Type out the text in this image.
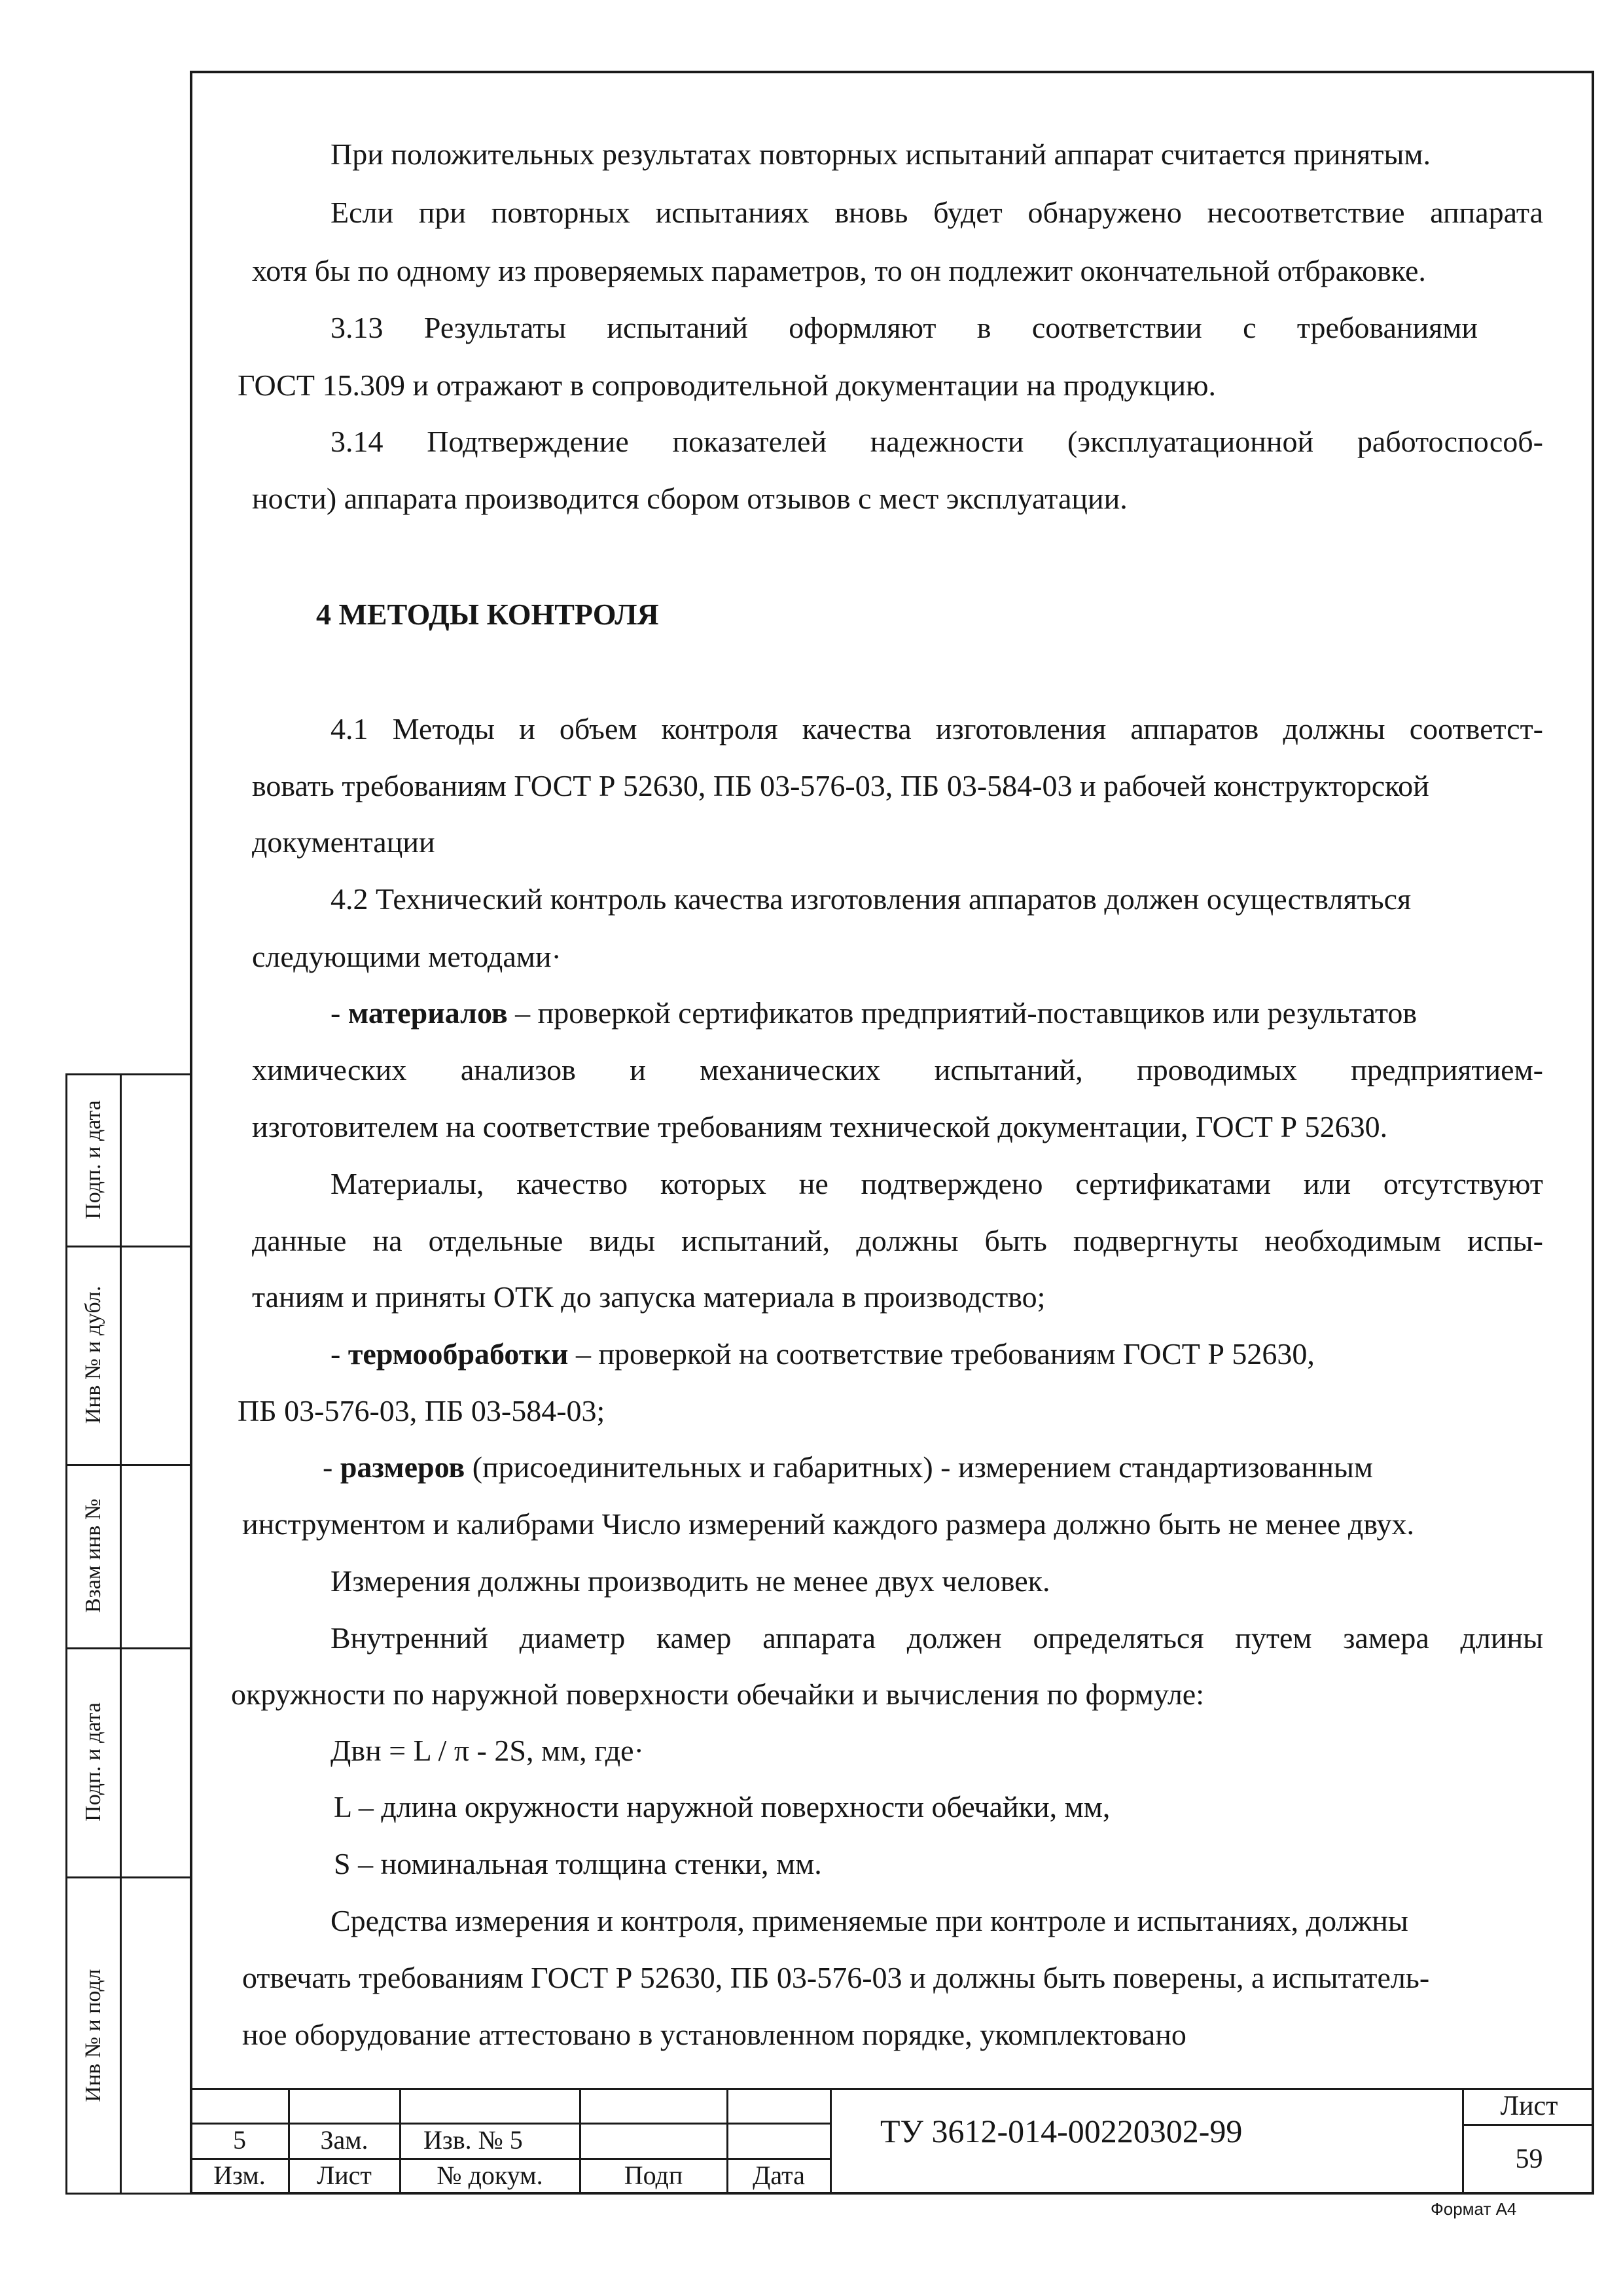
При положительных результатах повторных испытаний аппарат считается принятым.
Если при повторных испытаниях вновь будет обнаружено несоответствие аппарата
хотя бы по одному из проверяемых параметров, то он подлежит окончательной отбраковке.
3.13 Результаты испытаний оформляют в соответствии с требованиями
ГОСТ 15.309 и отражают в сопроводительной документации на продукцию.
3.14 Подтверждение показателей надежности (эксплуатационной работоспособ-
ности) аппарата производится сбором отзывов с мест эксплуатации.
4 МЕТОДЫ КОНТРОЛЯ
4.1 Методы и объем контроля качества изготовления аппаратов должны соответст-
вовать требованиям ГОСТ Р 52630, ПБ 03-576-03, ПБ 03-584-03 и рабочей конструкторской
документации
4.2 Технический контроль качества изготовления аппаратов должен осуществляться
следующими методами·
- материалов – проверкой сертификатов предприятий-поставщиков или результатов
химических анализов и механических испытаний, проводимых предприятием-
изготовителем на соответствие требованиям технической документации, ГОСТ Р 52630.
Материалы, качество которых не подтверждено сертификатами или отсутствуют
данные на отдельные виды испытаний, должны быть подвергнуты необходимым испы-
таниям и приняты ОТК до запуска материала в производство;
- термообработки – проверкой на соответствие требованиям ГОСТ Р 52630,
ПБ 03-576-03, ПБ 03-584-03;
- размеров (присоединительных и габаритных) - измерением стандартизованным
инструментом и калибрами Число измерений каждого размера должно быть не менее двух.
Измерения должны производить не менее двух человек.
Внутренний диаметр камер аппарата должен определяться путем замера длины
окружности по наружной поверхности обечайки и вычисления по формуле:
Двн = L / π - 2S, мм, где·
L – длина окружности наружной поверхности обечайки, мм,
S – номинальная толщина стенки, мм.
Средства измерения и контроля, применяемые при контроле и испытаниях, должны
отвечать требованиям ГОСТ Р 52630, ПБ 03-576-03 и должны быть поверены, а испытатель-
ное оборудование аттестовано в установленном порядке, укомплектовано
Подп. и дата
Инв № и дубл.
Взам инв №
Подп. и дата
Инв № и подл
5	Зам.	Изв. № 5
Изм.	Лист	№ докум.	Подп	Дата
ТУ 3612-014-00220302-99
Лист
59
Формат А4
